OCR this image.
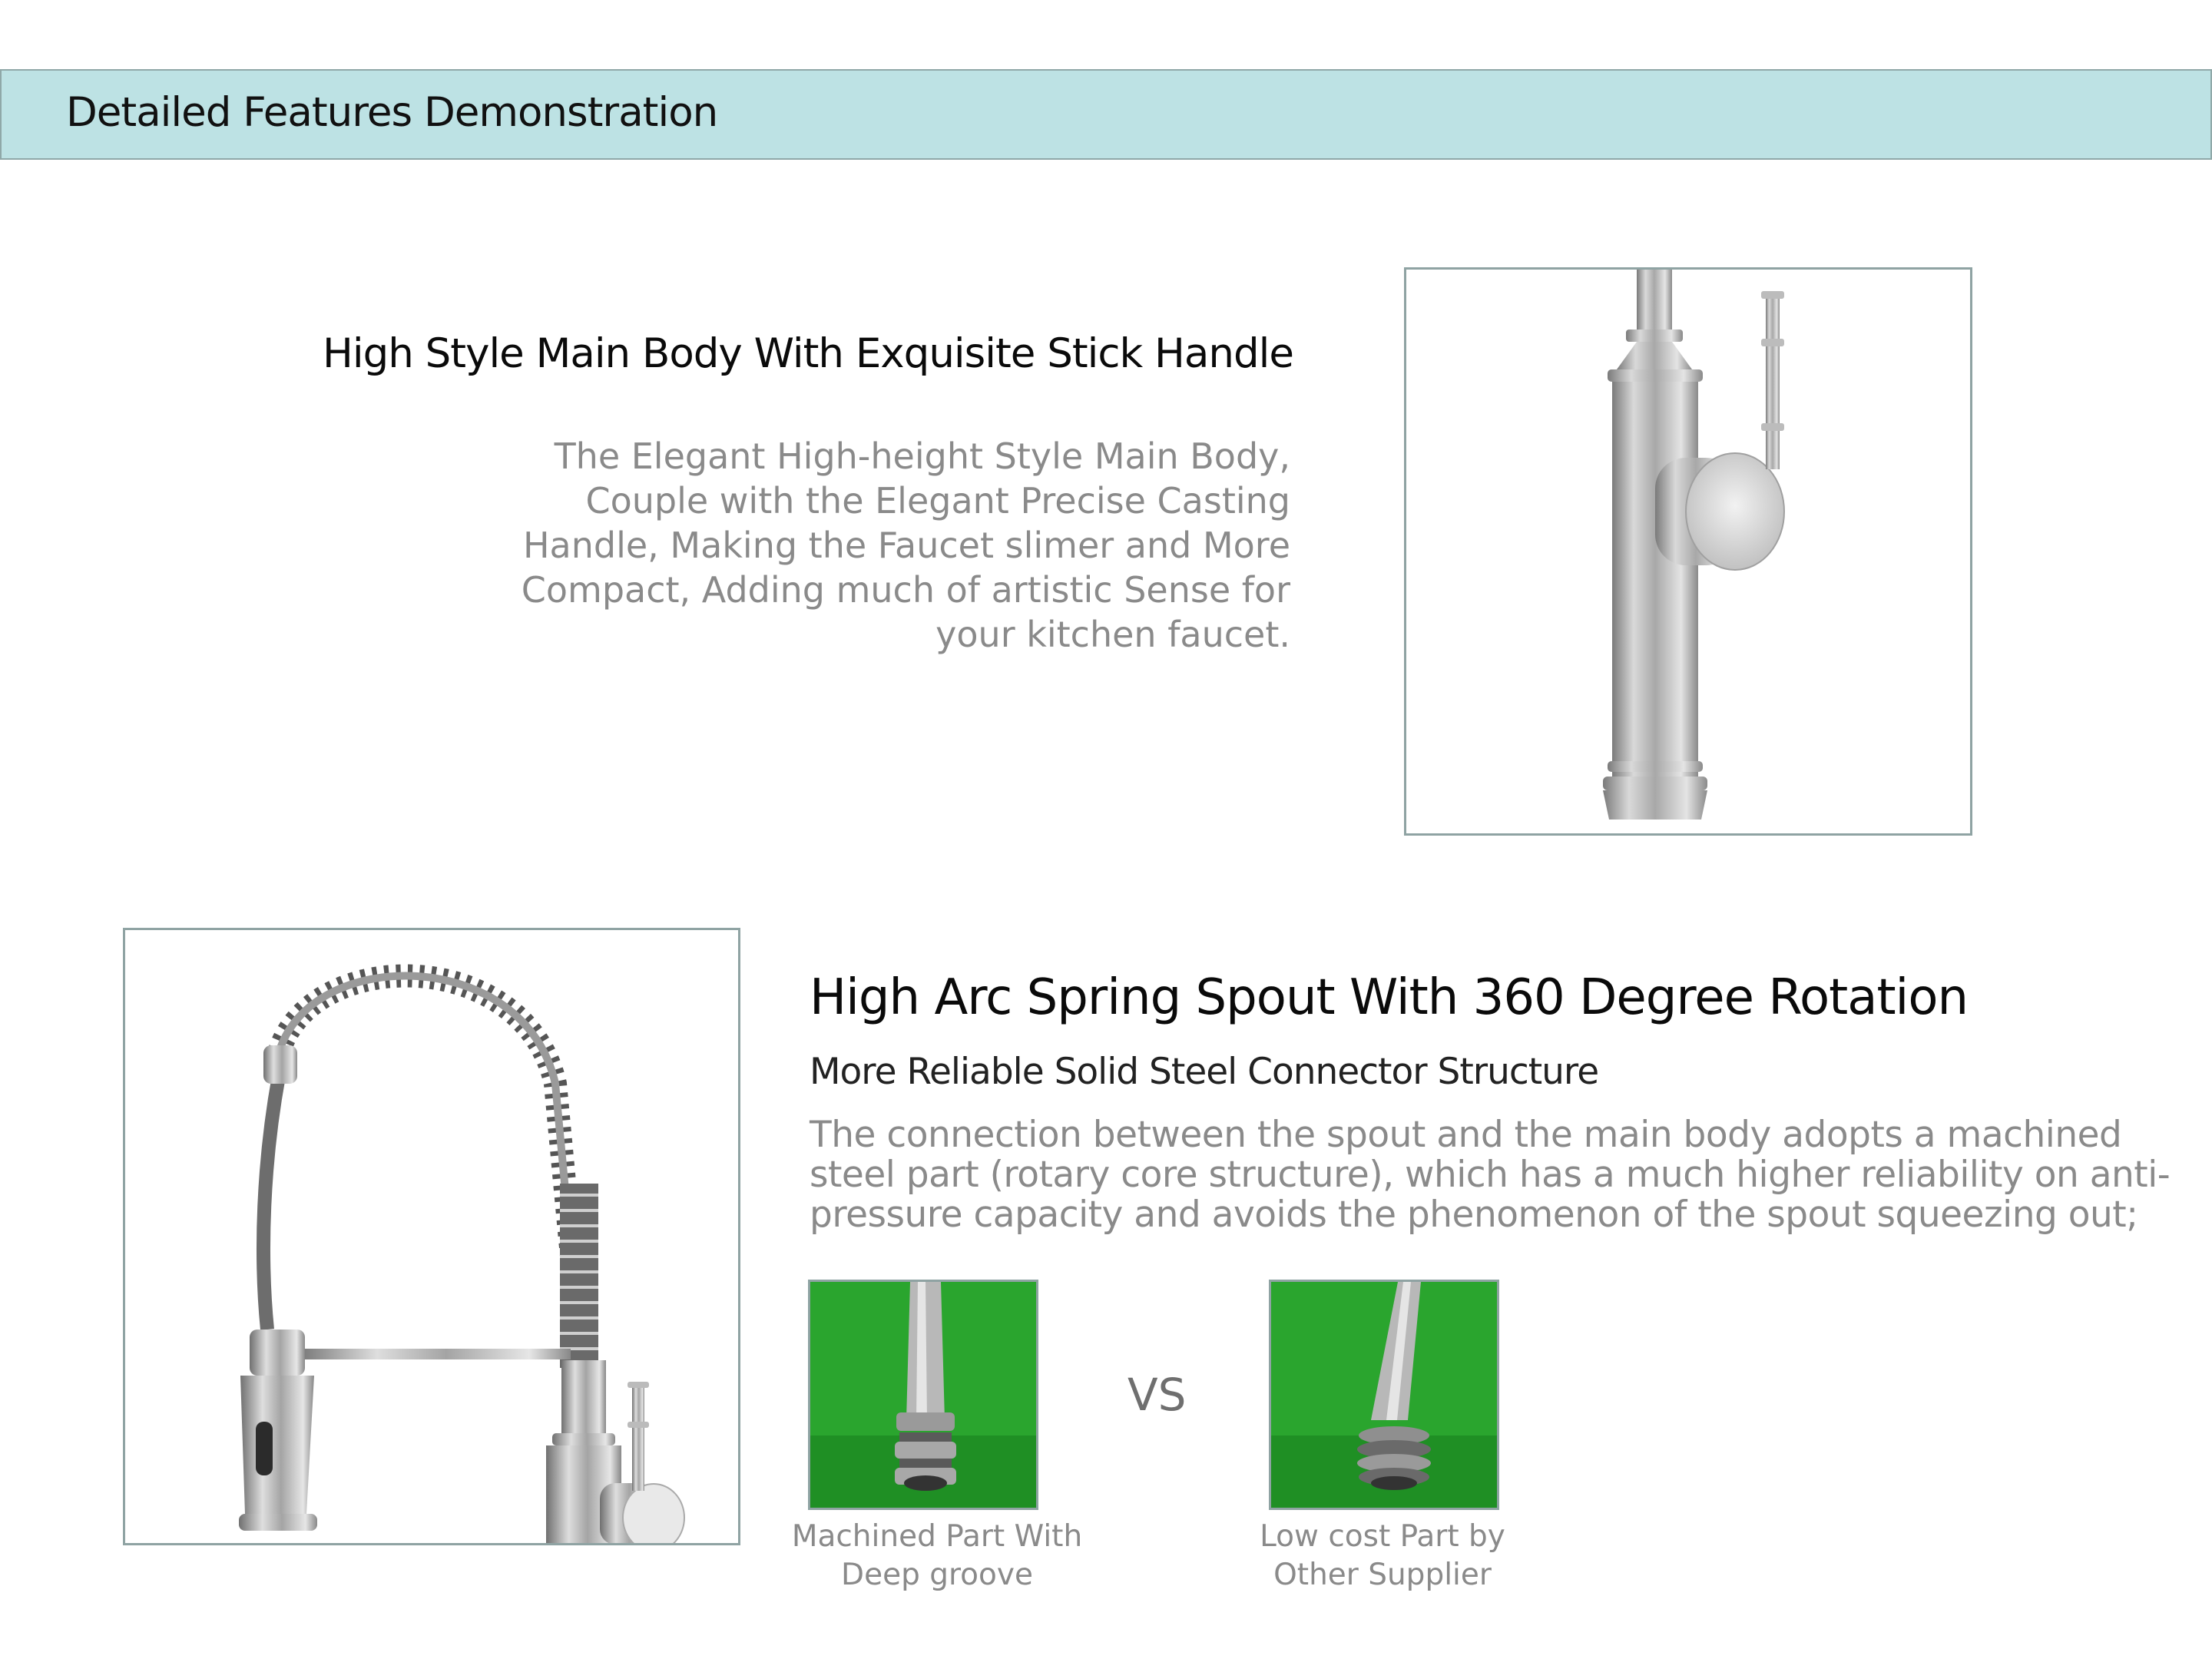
Detailed Features Demonstration
High Style Main Body With Exquisite Stick Handle
The Elegant High-height Style Main Body,
Couple with the Elegant Precise Casting
Handle, Making the Faucet slimer and More
Compact, Adding much of artistic Sense for
your kitchen faucet.
High Arc Spring Spout With 360 Degree Rotation
More Reliable Solid Steel Connector Structure
The connection between the spout and the main body adopts a machined
steel part (rotary core structure), which has a much higher reliability on anti-
pressure capacity and avoids the phenomenon of the spout squeezing out;
VS
Machined Part With
Deep groove
Low cost Part by
Other Supplier
